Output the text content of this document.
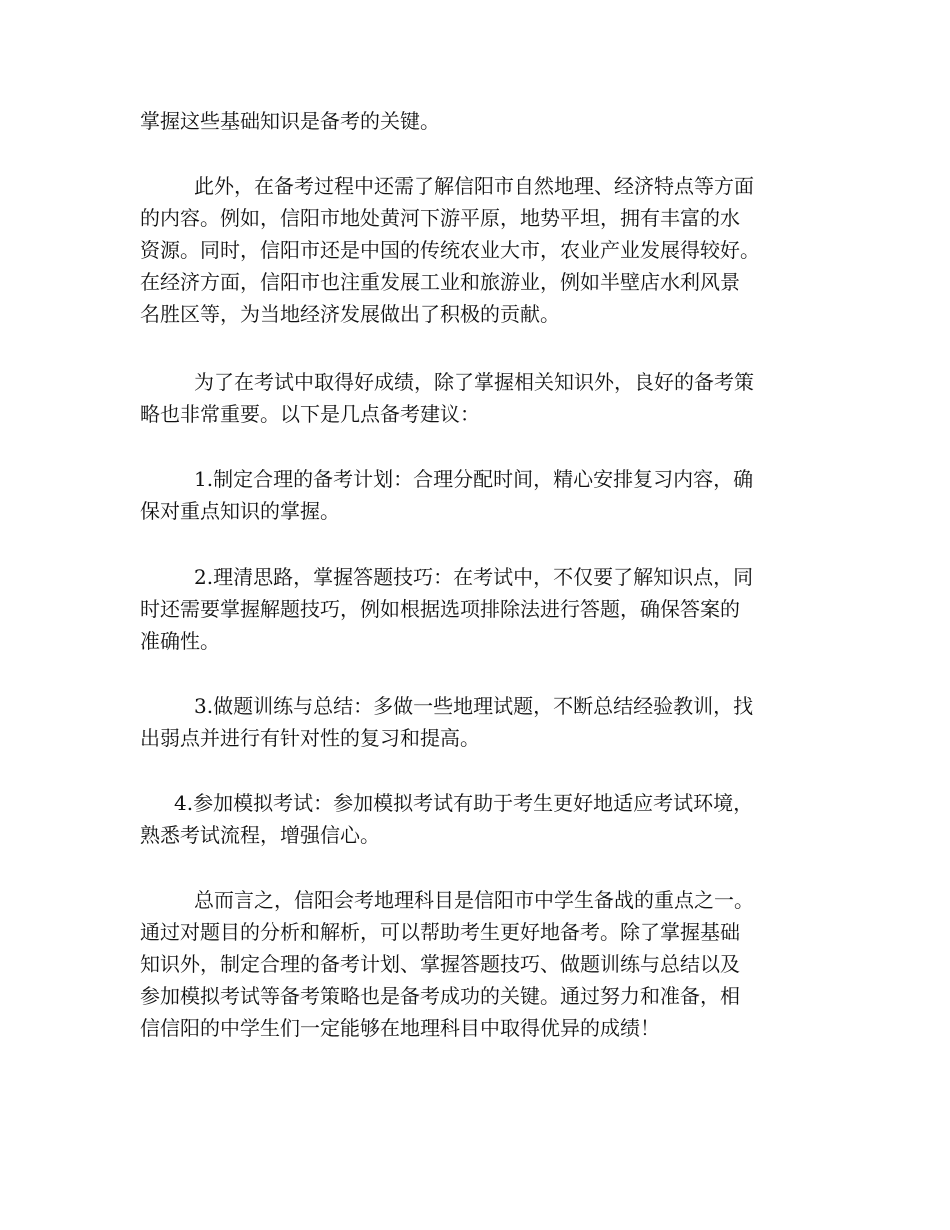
掌握这些基础知识是备考的关键。
此外，在备考过程中还需了解信阳市自然地理、经济特点等方面
的内容。例如，信阳市地处黄河下游平原，地势平坦，拥有丰富的水
资源。同时，信阳市还是中国的传统农业大市，农业产业发展得较好。
在经济方面，信阳市也注重发展工业和旅游业，例如半壁店水利风景
名胜区等，为当地经济发展做出了积极的贡献。
为了在考试中取得好成绩，除了掌握相关知识外，良好的备考策
略也非常重要。以下是几点备考建议：
1.制定合理的备考计划：合理分配时间，精心安排复习内容，确
保对重点知识的掌握。
2.理清思路，掌握答题技巧：在考试中，不仅要了解知识点，同
时还需要掌握解题技巧，例如根据选项排除法进行答题，确保答案的
准确性。
3.做题训练与总结：多做一些地理试题，不断总结经验教训，找
出弱点并进行有针对性的复习和提高。
4.参加模拟考试：参加模拟考试有助于考生更好地适应考试环境，
熟悉考试流程，增强信心。
总而言之，信阳会考地理科目是信阳市中学生备战的重点之一。
通过对题目的分析和解析，可以帮助考生更好地备考。除了掌握基础
知识外，制定合理的备考计划、掌握答题技巧、做题训练与总结以及
参加模拟考试等备考策略也是备考成功的关键。通过努力和准备，相
信信阳的中学生们一定能够在地理科目中取得优异的成绩！
